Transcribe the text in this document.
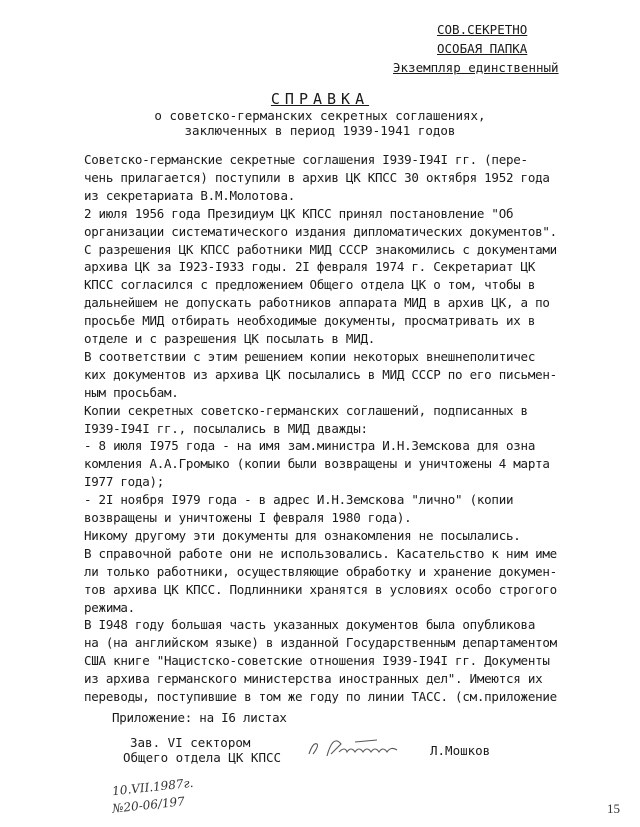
СОВ.СЕКРЕТНО
ОСОБАЯ ПАПКА
Экземпляр единственный
СПРАВКА
о советско-германских секретных соглашениях,
заключенных в период 1939-1941 годов
Советско-германские секретные соглашения I939-I94I гг. (пере-
чень прилагается) поступили в архив ЦК КПСС 30 октября 1952 года
из секретариата В.М.Молотова.
2 июля 1956 года Президиум ЦК КПСС принял постановление "Об
организации систематического издания дипломатических документов".
С разрешения ЦК КПСС работники МИД СССР знакомились с документами
архива ЦК за I923-I933 годы. 2I февраля 1974 г. Секретариат ЦК
КПСС согласился с предложением Общего отдела ЦК о том, чтобы в
дальнейшем не допускать работников аппарата МИД в архив ЦК, а по
просьбе МИД отбирать необходимые документы, просматривать их в
отделе и с разрешения ЦК посылать в МИД.
В соответствии с этим решением копии некоторых внешнеполитичес
ких документов из архива ЦК посылались в МИД СССР по его письмен-
ным просьбам.
Копии секретных советско-германских соглашений, подписанных в
I939-I94I гг., посылались в МИД дважды:
- 8 июля I975 года - на имя зам.министра И.Н.Земскова для озна
комления А.А.Громыко (копии были возвращены и уничтожены 4 марта
I977 года);
- 2I ноября I979 года - в адрес И.Н.Земскова "лично" (копии
возвращены и уничтожены I февраля 1980 года).
Никому другому эти документы для ознакомления не посылались.
В справочной работе они не использовались. Касательство к ним име
ли только работники, осуществляющие обработку и хранение докумен-
тов архива ЦК КПСС. Подлинники хранятся в условиях особо строгого
режима.
В I948 году большая часть указанных документов была опубликова
на (на английском языке) в изданной Государственным департаментом
США книге "Нацистско-советские отношения I939-I94I гг. Документы
из архива германского министерства иностранных дел". Имеются их
переводы, поступившие в том же году по линии ТАСС. (см.приложение
Приложение: на I6 листах
Зав. VI сектором
Общего отдела ЦК КПСС	Л.Мошков
10.VII.1987г.
№20-06/197	15
